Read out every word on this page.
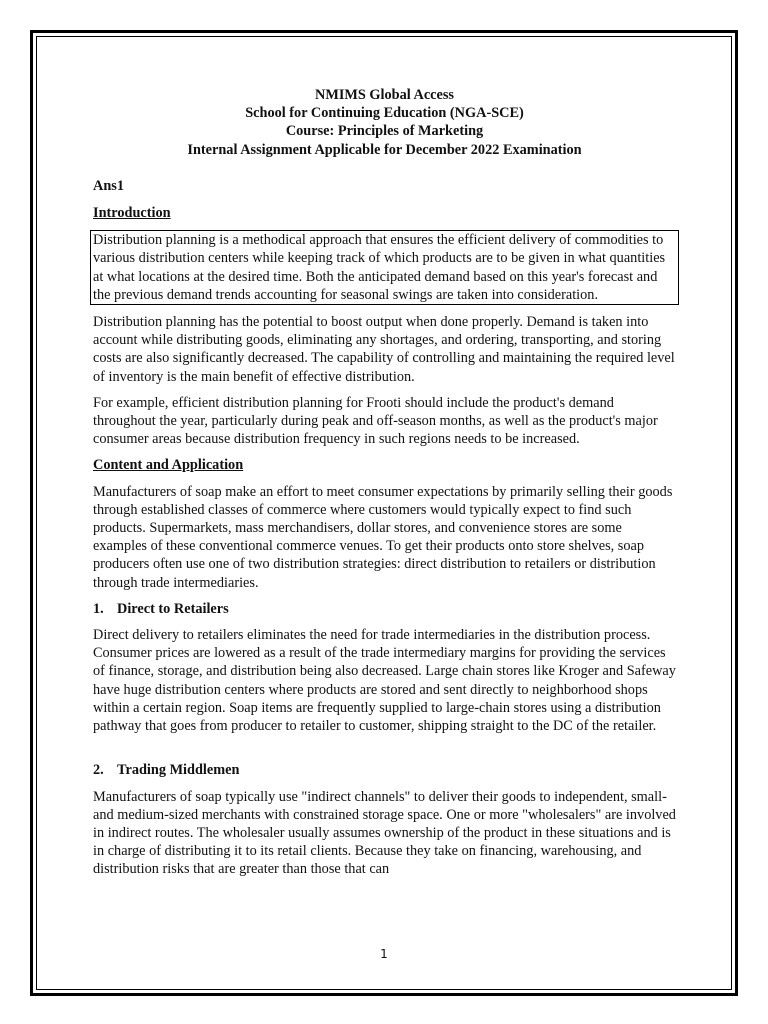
NMIMS Global Access
School for Continuing Education (NGA-SCE)
Course: Principles of Marketing
Internal Assignment Applicable for December 2022 Examination
Ans1
Introduction

Distribution planning is a methodical approach that ensures the efficient delivery of commodities to various distribution centers while keeping track of which products are to be given in what quantities at what locations at the desired time. Both the anticipated demand based on this year's forecast and the previous demand trends accounting for seasonal swings are taken into consideration.

Distribution planning has the potential to boost output when done properly. Demand is taken into account while distributing goods, eliminating any shortages, and ordering, transporting, and storing costs are also significantly decreased. The capability of controlling and maintaining the required level of inventory is the main benefit of effective distribution.

For example, efficient distribution planning for Frooti should include the product's demand throughout the year, particularly during peak and off-season months, as well as the product's major consumer areas because distribution frequency in such regions needs to be increased.

Content and Application

Manufacturers of soap make an effort to meet consumer expectations by primarily selling their goods through established classes of commerce where customers would typically expect to find such products. Supermarkets, mass merchandisers, dollar stores, and convenience stores are some examples of these conventional commerce venues. To get their products onto store shelves, soap producers often use one of two distribution strategies: direct distribution to retailers or distribution through trade intermediaries.

1. Direct to Retailers

Direct delivery to retailers eliminates the need for trade intermediaries in the distribution process. Consumer prices are lowered as a result of the trade intermediary margins for providing the services of finance, storage, and distribution being also decreased. Large chain stores like Kroger and Safeway have huge distribution centers where products are stored and sent directly to neighborhood shops within a certain region. Soap items are frequently supplied to large-chain stores using a distribution pathway that goes from producer to retailer to customer, shipping straight to the DC of the retailer.

2. Trading Middlemen

Manufacturers of soap typically use "indirect channels" to deliver their goods to independent, small- and medium-sized merchants with constrained storage space. One or more "wholesalers" are involved in indirect routes. The wholesaler usually assumes ownership of the product in these situations and is in charge of distributing it to its retail clients. Because they take on financing, warehousing, and distribution risks that are greater than those that can

1
